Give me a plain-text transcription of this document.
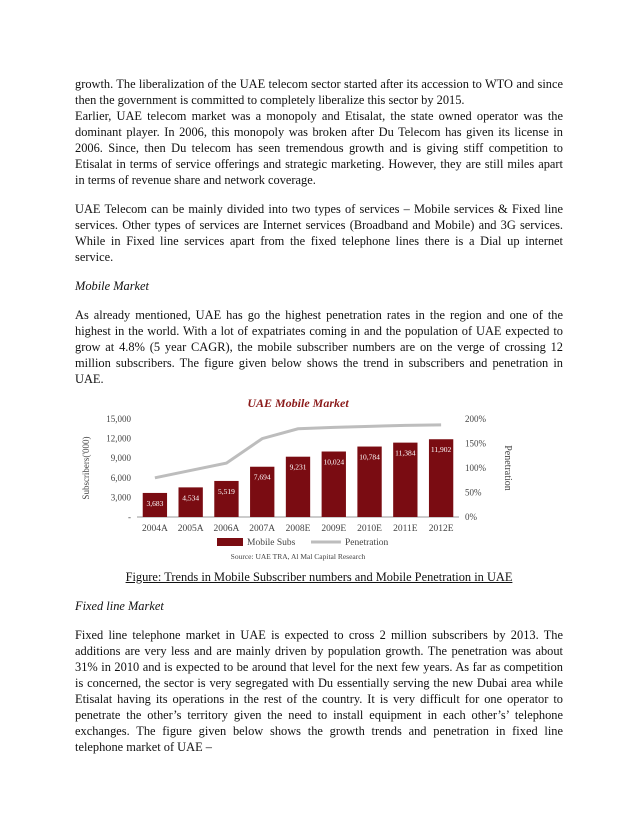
growth. The liberalization of the UAE telecom sector started after its accession to WTO and since then the government is committed to completely liberalize this sector by 2015.

Earlier, UAE telecom market was a monopoly and Etisalat, the state owned operator was the dominant player. In 2006, this monopoly was broken after Du Telecom has given its license in 2006. Since, then Du telecom has seen tremendous growth and is giving stiff competition to Etisalat in terms of service offerings and strategic marketing. However, they are still miles apart in terms of revenue share and network coverage.

UAE Telecom can be mainly divided into two types of services – Mobile services & Fixed line services. Other types of services are Internet services (Broadband and Mobile) and 3G services. While in Fixed line services apart from the fixed telephone lines there is a Dial up internet service.

Mobile Market

As already mentioned, UAE has go the highest penetration rates in the region and one of the highest in the world. With a lot of expatriates coming in and the population of UAE expected to grow at 4.8% (5 year CAGR), the mobile subscriber numbers are on the verge of crossing 12 million subscribers. The figure given below shows the trend in subscribers and penetration in UAE.

UAE Mobile Market
-
3,000
6,000
9,000
12,000
15,000
0%
50%
100%
150%
200%
Subscribers('000)	Penetration
3,683
4,534
5,519
7,694
9,231
10,024
10,784 11,384 11,902
2004A 2005A 2006A 2007A 2008E 2009E 2010E 2011E 2012E
Mobile Subs	Penetration
Source: UAE TRA, Al Mal Capital Research

Figure: Trends in Mobile Subscriber numbers and Mobile Penetration in UAE

Fixed line Market

Fixed line telephone market in UAE is expected to cross 2 million subscribers by 2013. The additions are very less and are mainly driven by population growth. The penetration was about 31% in 2010 and is expected to be around that level for the next few years. As far as competition is concerned, the sector is very segregated with Du essentially serving the new Dubai area while Etisalat having its operations in the rest of the country. It is very difficult for one operator to penetrate the other’s territory given the need to install equipment in each other’s’ telephone exchanges. The figure given below shows the growth trends and penetration in fixed line telephone market of UAE –
